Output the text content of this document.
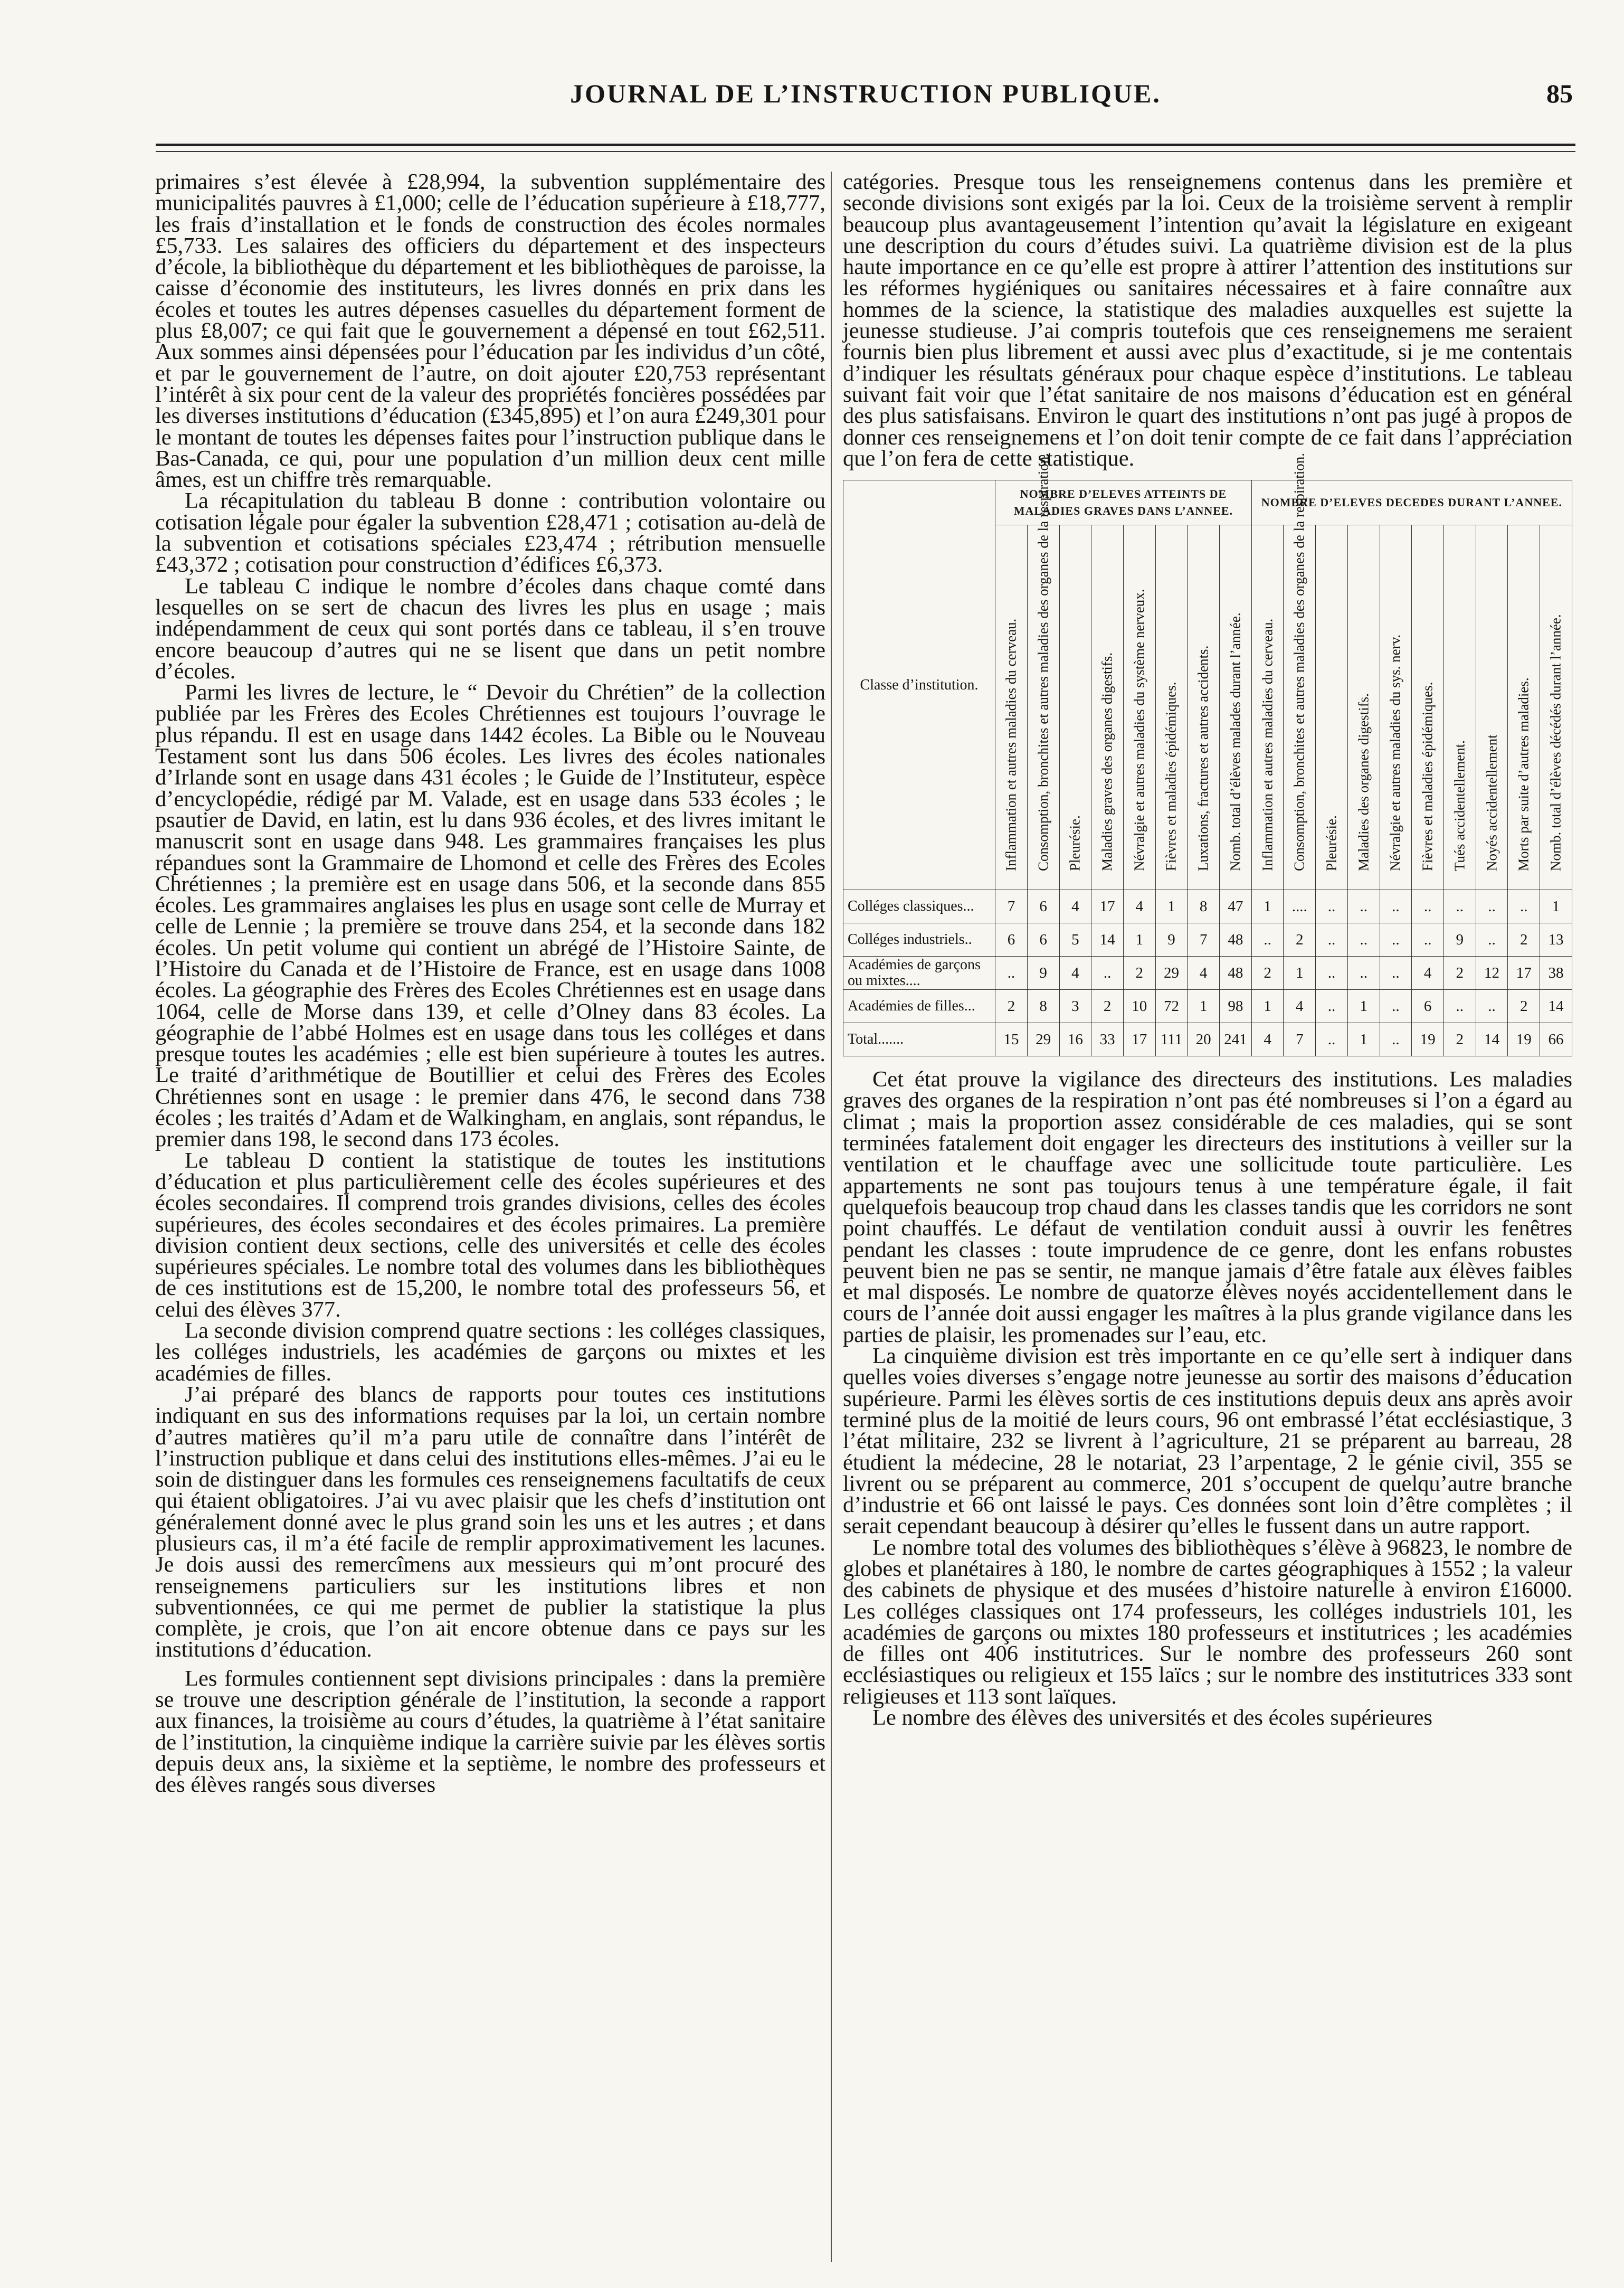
JOURNAL DE L’INSTRUCTION PUBLIQUE.	85

primaires s’est élevée à £28,994, la subvention supplémentaire des municipalités pauvres à £1,000; celle de l’éducation supérieure à £18,777, les frais d’installation et le fonds de construction des écoles normales £5,733. Les salaires des officiers du département et des inspecteurs d’école, la bibliothèque du département et les bibliothèques de paroisse, la caisse d’économie des instituteurs, les livres donnés en prix dans les écoles et toutes les autres dépenses casuelles du département forment de plus £8,007; ce qui fait que le gouvernement a dépensé en tout £62,511. Aux sommes ainsi dépensées pour l’éducation par les individus d’un côté, et par le gouvernement de l’autre, on doit ajouter £20,753 représentant l’intérêt à six pour cent de la valeur des propriétés foncières possédées par les diverses institutions d’éducation (£345,895) et l’on aura £249,301 pour le montant de toutes les dépenses faites pour l’instruction publique dans le Bas-Canada, ce qui, pour une population d’un million deux cent mille âmes, est un chiffre très remarquable.

La récapitulation du tableau B donne : contribution volontaire ou cotisation légale pour égaler la subvention £28,471 ; cotisation au-delà de la subvention et cotisations spéciales £23,474 ; rétribution mensuelle £43,372 ; cotisation pour construction d’édifices £6,373.

Le tableau C indique le nombre d’écoles dans chaque comté dans lesquelles on se sert de chacun des livres les plus en usage ; mais indépendamment de ceux qui sont portés dans ce tableau, il s’en trouve encore beaucoup d’autres qui ne se lisent que dans un petit nombre d’écoles.

Parmi les livres de lecture, le “ Devoir du Chrétien” de la collection publiée par les Frères des Ecoles Chrétiennes est toujours l’ouvrage le plus répandu. Il est en usage dans 1442 écoles. La Bible ou le Nouveau Testament sont lus dans 506 écoles. Les livres des écoles nationales d’Irlande sont en usage dans 431 écoles ; le Guide de l’Instituteur, espèce d’encyclopédie, rédigé par M. Valade, est en usage dans 533 écoles ; le psautier de David, en latin, est lu dans 936 écoles, et des livres imitant le manuscrit sont en usage dans 948. Les grammaires françaises les plus répandues sont la Grammaire de Lhomond et celle des Frères des Ecoles Chrétiennes ; la première est en usage dans 506, et la seconde dans 855 écoles. Les grammaires anglaises les plus en usage sont celle de Murray et celle de Lennie ; la première se trouve dans 254, et la seconde dans 182 écoles. Un petit volume qui contient un abrégé de l’Histoire Sainte, de l’Histoire du Canada et de l’Histoire de France, est en usage dans 1008 écoles. La géographie des Frères des Ecoles Chrétiennes est en usage dans 1064, celle de Morse dans 139, et celle d’Olney dans 83 écoles. La géographie de l’abbé Holmes est en usage dans tous les colléges et dans presque toutes les académies ; elle est bien supérieure à toutes les autres. Le traité d’arithmétique de Boutillier et celui des Frères des Ecoles Chrétiennes sont en usage : le premier dans 476, le second dans 738 écoles ; les traités d’Adam et de Walkingham, en anglais, sont répandus, le premier dans 198, le second dans 173 écoles.

Le tableau D contient la statistique de toutes les institutions d’éducation et plus particulièrement celle des écoles supérieures et des écoles secondaires. Il comprend trois grandes divisions, celles des écoles supérieures, des écoles secondaires et des écoles primaires. La première division contient deux sections, celle des universités et celle des écoles supérieures spéciales. Le nombre total des volumes dans les bibliothèques de ces institutions est de 15,200, le nombre total des professeurs 56, et celui des élèves 377.

La seconde division comprend quatre sections : les colléges classiques, les colléges industriels, les académies de garçons ou mixtes et les académies de filles.

J’ai préparé des blancs de rapports pour toutes ces institutions indiquant en sus des informations requises par la loi, un certain nombre d’autres matières qu’il m’a paru utile de connaître dans l’intérêt de l’instruction publique et dans celui des institutions elles-mêmes. J’ai eu le soin de distinguer dans les formules ces renseignemens facultatifs de ceux qui étaient obligatoires. J’ai vu avec plaisir que les chefs d’institution ont généralement donné avec le plus grand soin les uns et les autres ; et dans plusieurs cas, il m’a été facile de remplir approximativement les lacunes. Je dois aussi des remercîmens aux messieurs qui m’ont procuré des renseignemens particuliers sur les institutions libres et non subventionnées, ce qui me permet de publier la statistique la plus complète, je crois, que l’on ait encore obtenue dans ce pays sur les institutions d’éducation.

Les formules contiennent sept divisions principales : dans la première se trouve une description générale de l’institution, la seconde a rapport aux finances, la troisième au cours d’études, la quatrième à l’état sanitaire de l’institution, la cinquième indique la carrière suivie par les élèves sortis depuis deux ans, la sixième et la septième, le nombre des professeurs et des élèves rangés sous diverses

catégories. Presque tous les renseignemens contenus dans les première et seconde divisions sont exigés par la loi. Ceux de la troisième servent à remplir beaucoup plus avantageusement l’intention qu’avait la législature en exigeant une description du cours d’études suivi. La quatrième division est de la plus haute importance en ce qu’elle est propre à attirer l’attention des institutions sur les réformes hygiéniques ou sanitaires nécessaires et à faire connaître aux hommes de la science, la statistique des maladies auxquelles est sujette la jeunesse studieuse. J’ai compris toutefois que ces renseignemens me seraient fournis bien plus librement et aussi avec plus d’exactitude, si je me contentais d’indiquer les résultats généraux pour chaque espèce d’institutions. Le tableau suivant fait voir que l’état sanitaire de nos maisons d’éducation est en général des plus satisfaisans. Environ le quart des institutions n’ont pas jugé à propos de donner ces renseignemens et l’on doit tenir compte de ce fait dans l’appréciation que l’on fera de cette statistique.

Classe d’institution.	NOMBRE D’ELEVES ATTEINTS DE MALADIES GRAVES DANS L’ANNEE.								NOMBRE D’ELEVES DECEDES DURANT L’ANNEE.									

	Inflammation et autres maladies du cerveau.	Consomption, bronchites et autres maladies des organes de la respiration.	Pleurésie.	Maladies graves des organes digestifs.	Névralgie et autres maladies du système nerveux.	Fièvres et maladies épidémiques.	Luxations, fractures et autres accidents.	Nomb. total d’élèves malades durant l’année.	Inflammation et autres maladies du cerveau.	Consomption, bronchites et autres maladies des organes de la respiration.	Pleurésie.	Maladies des organes digestifs.	Névralgie et autres maladies du sys. nerv.	Fièvres et maladies épidémiques.	Tués accidentellement.	Noyés accidentellement	Morts par suite d’autres maladies.	Nomb. total d’élèves décédés durant l’année.

Colléges classiques...	7	6	4	17	4	1	8	47	1	....	..	..	..	..	..	..	..	1
Colléges industriels..	6	6	5	14	1	9	7	48	..	2	..	..	..	..	9	..	2	13
Académies de garçons ou mixtes....	..	9	4	..	2	29	4	48	2	1	..	..	..	4	2	12	17	38
Académies de filles...	2	8	3	2	10	72	1	98	1	4	..	1	..	6	..	..	2	14
Total.......	15	29	16	33	17	111	20	241	4	7	..	1	..	19	2	14	19	66

Cet état prouve la vigilance des directeurs des institutions. Les maladies graves des organes de la respiration n’ont pas été nombreuses si l’on a égard au climat ; mais la proportion assez considérable de ces maladies, qui se sont terminées fatalement doit engager les directeurs des institutions à veiller sur la ventilation et le chauffage avec une sollicitude toute particulière. Les appartements ne sont pas toujours tenus à une température égale, il fait quelquefois beaucoup trop chaud dans les classes tandis que les corridors ne sont point chauffés. Le défaut de ventilation conduit aussi à ouvrir les fenêtres pendant les classes : toute imprudence de ce genre, dont les enfans robustes peuvent bien ne pas se sentir, ne manque jamais d’être fatale aux élèves faibles et mal disposés. Le nombre de quatorze élèves noyés accidentellement dans le cours de l’année doit aussi engager les maîtres à la plus grande vigilance dans les parties de plaisir, les promenades sur l’eau, etc.

La cinquième division est très importante en ce qu’elle sert à indiquer dans quelles voies diverses s’engage notre jeunesse au sortir des maisons d’éducation supérieure. Parmi les élèves sortis de ces institutions depuis deux ans après avoir terminé plus de la moitié de leurs cours, 96 ont embrassé l’état ecclésiastique, 3 l’état militaire, 232 se livrent à l’agriculture, 21 se préparent au barreau, 28 étudient la médecine, 28 le notariat, 23 l’arpentage, 2 le génie civil, 355 se livrent ou se préparent au commerce, 201 s’occupent de quelqu’autre branche d’industrie et 66 ont laissé le pays. Ces données sont loin d’être complètes ; il serait cependant beaucoup à désirer qu’elles le fussent dans un autre rapport.

Le nombre total des volumes des bibliothèques s’élève à 96823, le nombre de globes et planétaires à 180, le nombre de cartes géographiques à 1552 ; la valeur des cabinets de physique et des musées d’histoire naturelle à environ £16000. Les colléges classiques ont 174 professeurs, les colléges industriels 101, les académies de garçons ou mixtes 180 professeurs et institutrices ; les académies de filles ont 406 institutrices. Sur le nombre des professeurs 260 sont ecclésiastiques ou religieux et 155 laïcs ; sur le nombre des institutrices 333 sont religieuses et 113 sont laïques.

Le nombre des élèves des universités et des écoles supérieures
